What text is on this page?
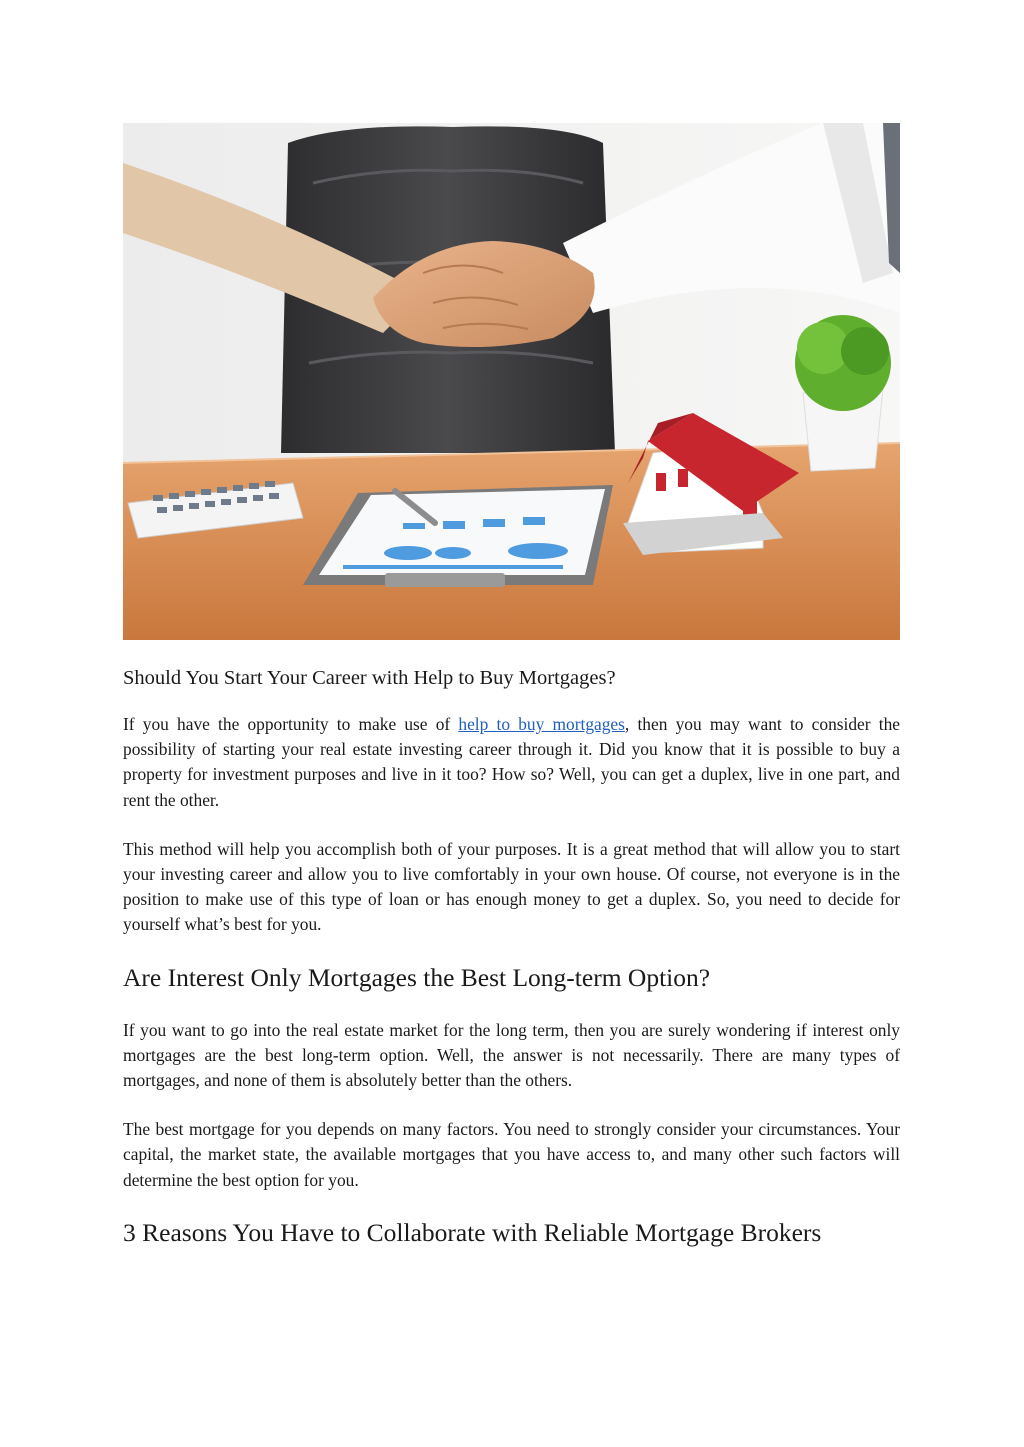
Should You Start Your Career with Help to Buy Mortgages?

If you have the opportunity to make use of help to buy mortgages, then you may want to consider the possibility of starting your real estate investing career through it. Did you know that it is possible to buy a property for investment purposes and live in it too? How so? Well, you can get a duplex, live in one part, and rent the other.

This method will help you accomplish both of your purposes. It is a great method that will allow you to start your investing career and allow you to live comfortably in your own house. Of course, not everyone is in the position to make use of this type of loan or has enough money to get a duplex. So, you need to decide for yourself what’s best for you.

Are Interest Only Mortgages the Best Long-term Option?

If you want to go into the real estate market for the long term, then you are surely wondering if interest only mortgages are the best long-term option. Well, the answer is not necessarily. There are many types of mortgages, and none of them is absolutely better than the others.

The best mortgage for you depends on many factors. You need to strongly consider your circumstances. Your capital, the market state, the available mortgages that you have access to, and many other such factors will determine the best option for you.

3 Reasons You Have to Collaborate with Reliable Mortgage Brokers
